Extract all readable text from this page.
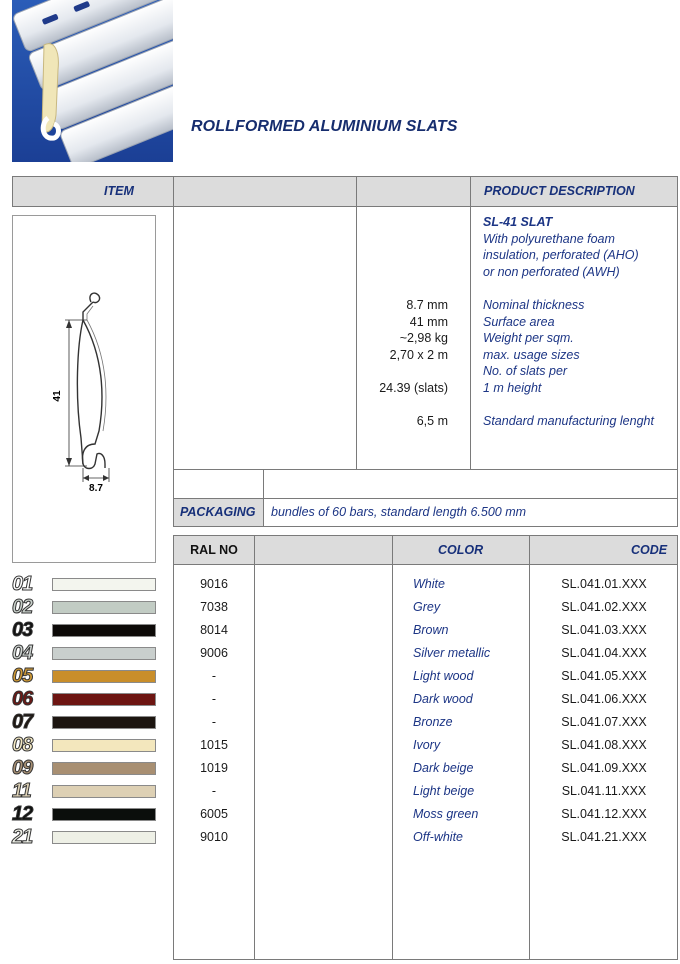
ROLLFORMED ALUMINIUM SLATS
ITEM	PRODUCT DESCRIPTION
SL-41 SLAT
With polyurethane foam
insulation, perforated (AHO)
or non perforated (AWH)
8.7 mm	Nominal thickness
41 mm	Surface area
~2,98 kg	Weight per sqm.
2,70 x 2 m	max. usage sizes
No. of slats per
24.39 (slats)	1 m height
6,5 m	Standard manufacturing lenght
41
8.7
PACKAGING bundles of 60 bars, standard length 6.500 mm
RAL NO	COLOR	CODE
9016	White	SL.041.01.XXX
01
7038	Grey	SL.041.02.XXX
02
8014	Brown	SL.041.03.XXX
03
9006	Silver metallic	SL.041.04.XXX
04
-	Light wood	SL.041.05.XXX
05
-	Dark wood	SL.041.06.XXX
06
-	Bronze	SL.041.07.XXX
07
1015	Ivory	SL.041.08.XXX
08
1019	Dark beige	SL.041.09.XXX
09
-	Light beige	SL.041.11.XXX
11
6005	Moss green	SL.041.12.XXX
12
9010	Off-white	SL.041.21.XXX
21
